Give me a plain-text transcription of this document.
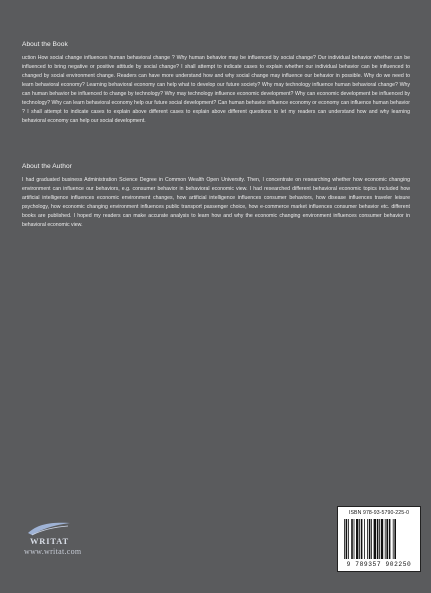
About the Book

uction How social change influences human behavioral change ? Why human behavior may be influenced by social change? Our individual behavior whether can be influenced to bring negative or positive attitude by social change? I shall attempt to indicate cases to explain whether our individual behavior can be influenced to changed by social environment change. Readers can have more understand how and why social change may influence our behavior in possible. Why do we need to learn behavioral economy? Learning behavioral economy can help what to develop our future society? Why may technology influence human behavioral change? Why can human behavior be influenced to change by technology? Why may technology influence economic development? Why can economic development be influenced by technology? Why can learn behavioral economy help our future social development? Can human behavior influence economy or economy can influence human behavior ? I shall attempt to indicate cases to explain above different cases to explain above different questions to let my readers can understand how and why learning behavioral economy can help our social development.

About the Author

I had graduated business Administration Science Degree in Common Wealth Open University. Then, I concentrate on researching whether how economic changing environment can influence our behaviors, e.g. consumer behavior in behavioral economic view. I had researched different behavioral economic topics included how artificial intelligence influences economic environment changes, how artificial intelligence influences consumer behaviors, how disease influences traveler leisure psychology, how economic changing environment influences public transport passenger choice, how e-commerce market influences consumer behavior etc. different books are published. I hoped my readers can make accurate analysis to learn how and why the economic changing environment influences consumer behavior in behavioral economic view.

WRITAT
www.writat.com
ISBN 978-93-5790-225-0
9 789357 902250
